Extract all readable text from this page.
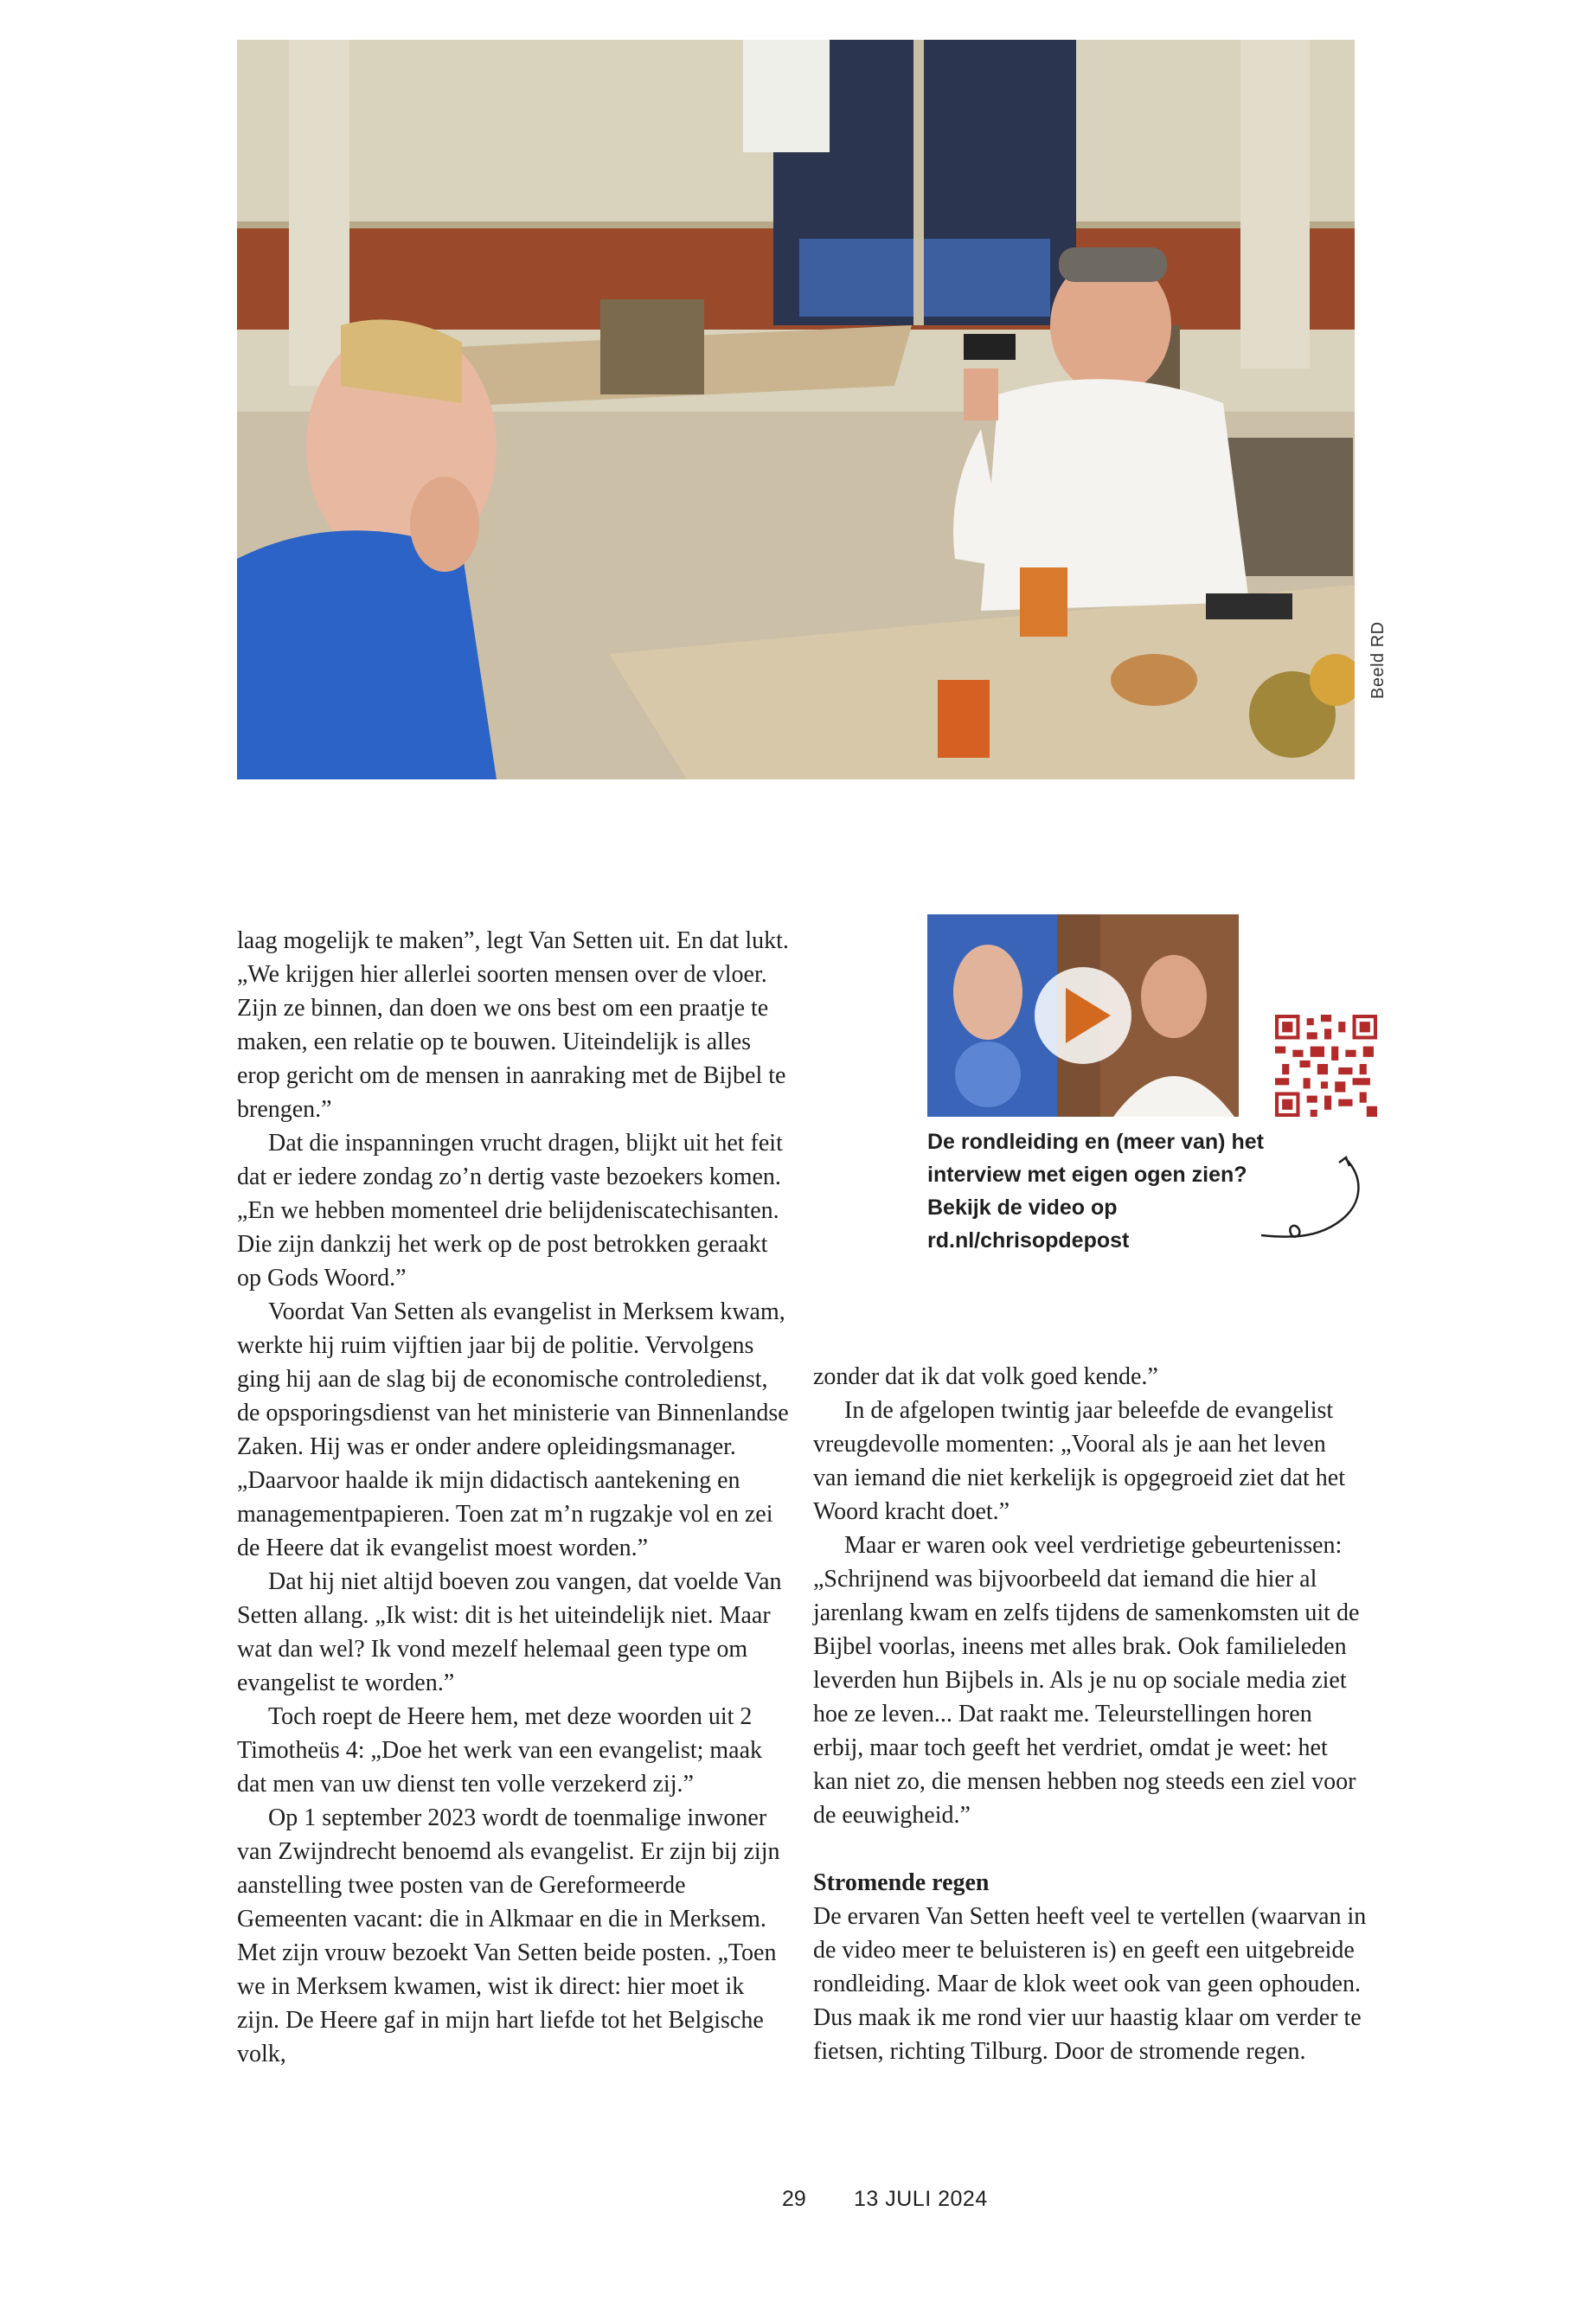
Beeld RD

laag mogelijk te maken”, legt Van Setten uit. En dat lukt. „We krijgen hier allerlei soorten mensen over de vloer. Zijn ze binnen, dan doen we ons best om een praatje te maken, een relatie op te bouwen. Uiteindelijk is alles erop gericht om de mensen in aanraking met de Bijbel te brengen.”

Dat die inspanningen vrucht dragen, blijkt uit het feit dat er iedere zondag zo’n dertig vaste bezoekers komen. „En we hebben momenteel drie belijdeniscatechisanten. Die zijn dankzij het werk op de post betrokken geraakt op Gods Woord.”

Voordat Van Setten als evangelist in Merksem kwam, werkte hij ruim vijftien jaar bij de politie. Vervolgens ging hij aan de slag bij de economische controledienst, de opsporingsdienst van het ministerie van Binnenlandse Zaken. Hij was er onder andere opleidingsmanager. „Daarvoor haalde ik mijn didactisch aantekening en managementpapieren. Toen zat m’n rugzakje vol en zei de Heere dat ik evangelist moest worden.”

Dat hij niet altijd boeven zou vangen, dat voelde Van Setten allang. „Ik wist: dit is het uiteindelijk niet. Maar wat dan wel? Ik vond mezelf helemaal geen type om evangelist te worden.”

Toch roept de Heere hem, met deze woorden uit 2 Timotheüs 4: „Doe het werk van een evangelist; maak dat men van uw dienst ten volle verzekerd zij.”

Op 1 september 2023 wordt de toenmalige inwoner van Zwijndrecht benoemd als evangelist. Er zijn bij zijn aanstelling twee posten van de Gereformeerde Gemeenten vacant: die in Alkmaar en die in Merksem. Met zijn vrouw bezoekt Van Setten beide posten. „Toen we in Merksem kwamen, wist ik direct: hier moet ik zijn. De Heere gaf in mijn hart liefde tot het Belgische volk,

De rondleiding en (meer van) het interview met eigen ogen zien? Bekijk de video op rd.nl/chrisopdepost

zonder dat ik dat volk goed kende.”

In de afgelopen twintig jaar beleefde de evangelist vreugdevolle momenten: „Vooral als je aan het leven van iemand die niet kerkelijk is opgegroeid ziet dat het Woord kracht doet.”

Maar er waren ook veel verdrietige gebeurtenissen: „Schrijnend was bijvoorbeeld dat iemand die hier al jarenlang kwam en zelfs tijdens de samenkomsten uit de Bijbel voorlas, ineens met alles brak. Ook familieleden leverden hun Bijbels in. Als je nu op sociale media ziet hoe ze leven... Dat raakt me. Teleurstellingen horen erbij, maar toch geeft het verdriet, omdat je weet: het kan niet zo, die mensen hebben nog steeds een ziel voor de eeuwigheid.”

Stromende regen

De ervaren Van Setten heeft veel te vertellen (waarvan in de video meer te beluisteren is) en geeft een uitgebreide rondleiding. Maar de klok weet ook van geen ophouden. Dus maak ik me rond vier uur haastig klaar om verder te fietsen, richting Tilburg. Door de stromende regen.

29 13 JULI 2024
